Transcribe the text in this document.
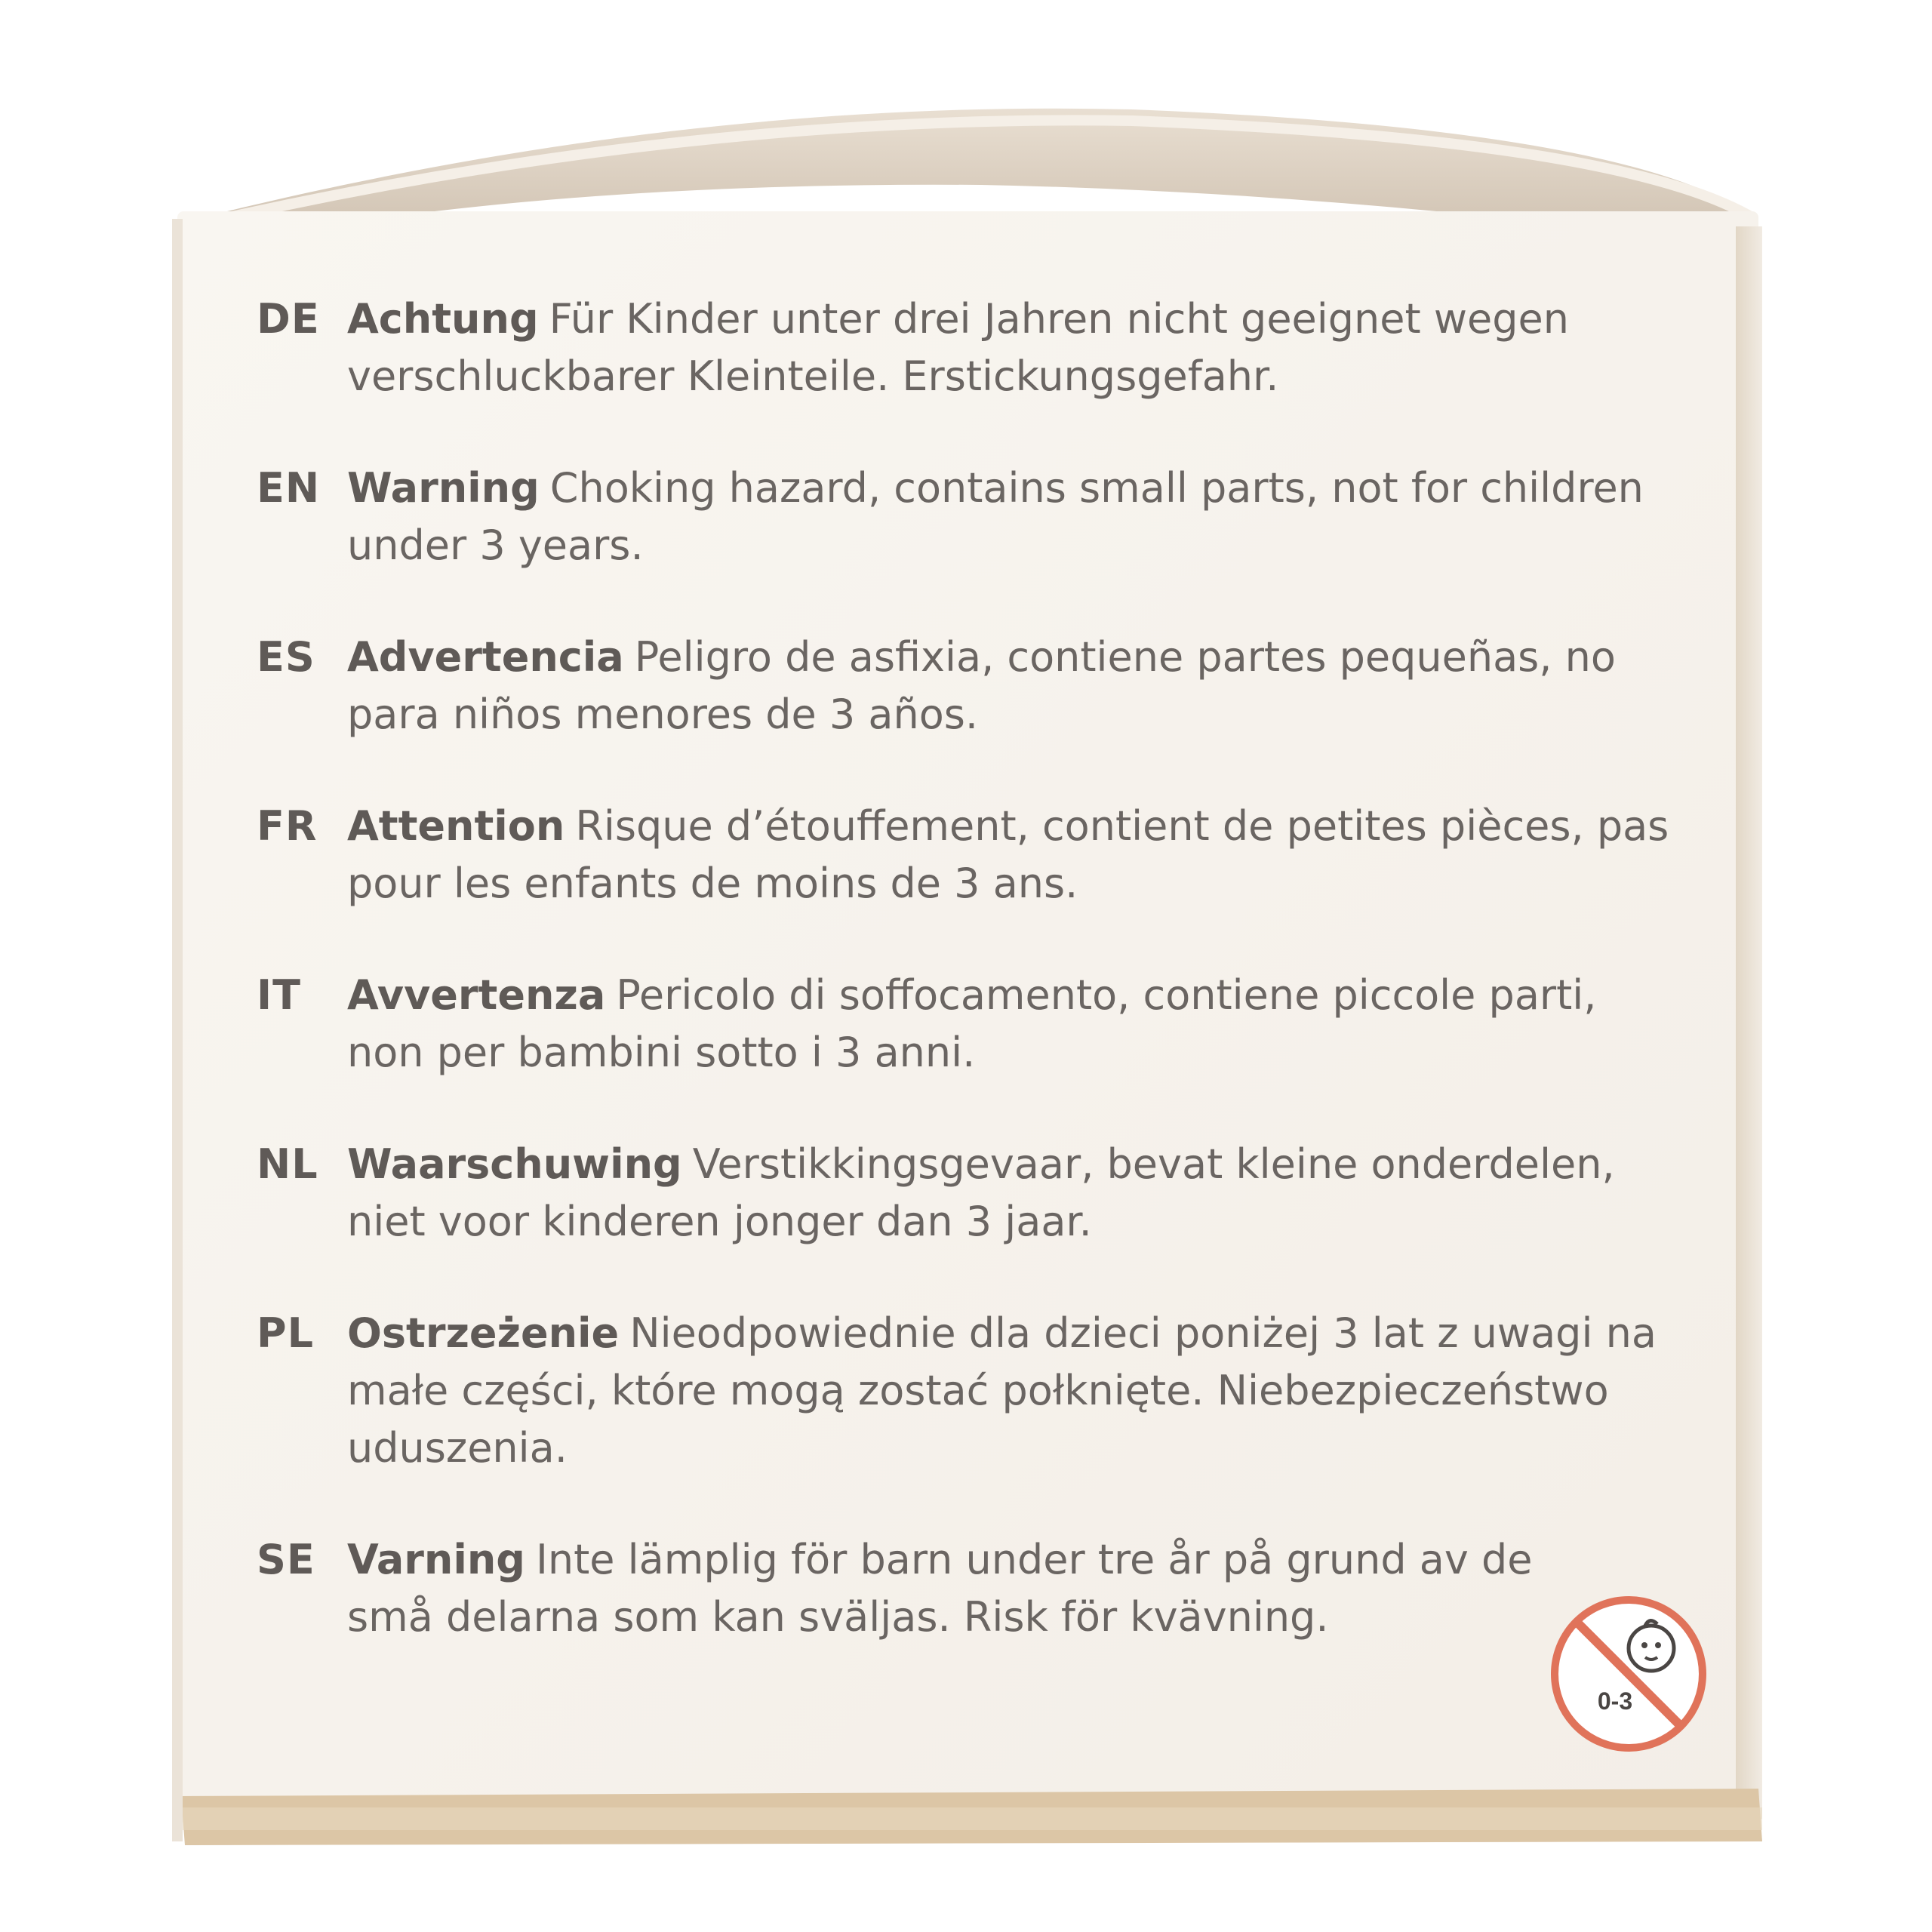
DE Achtung Für Kinder unter drei Jahren nicht geeignet wegen verschluckbarer Kleinteile. Erstickungsgefahr.
EN Warning Choking hazard, contains small parts, not for children under 3 years.
ES Advertencia Peligro de asfixia, contiene partes pequeñas, no para niños menores de 3 años.
FR Attention Risque d’étouffement, contient de petites pièces, pas pour les enfants de moins de 3 ans.
IT	Avvertenza Pericolo di soffocamento, contiene piccole parti, non per bambini sotto i 3 anni.
NL Waarschuwing Verstikkingsgevaar, bevat kleine onderdelen, niet voor kinderen jonger dan 3 jaar.
PL Ostrzeżenie Nieodpowiednie dla dzieci poniżej 3 lat z uwagi na małe części, które mogą zostać połknięte. Niebezpieczeństwo uduszenia.
SE Varning Inte lämplig för barn under tre år på grund av de små delarna som kan sväljas. Risk för kvävning.
0-3
